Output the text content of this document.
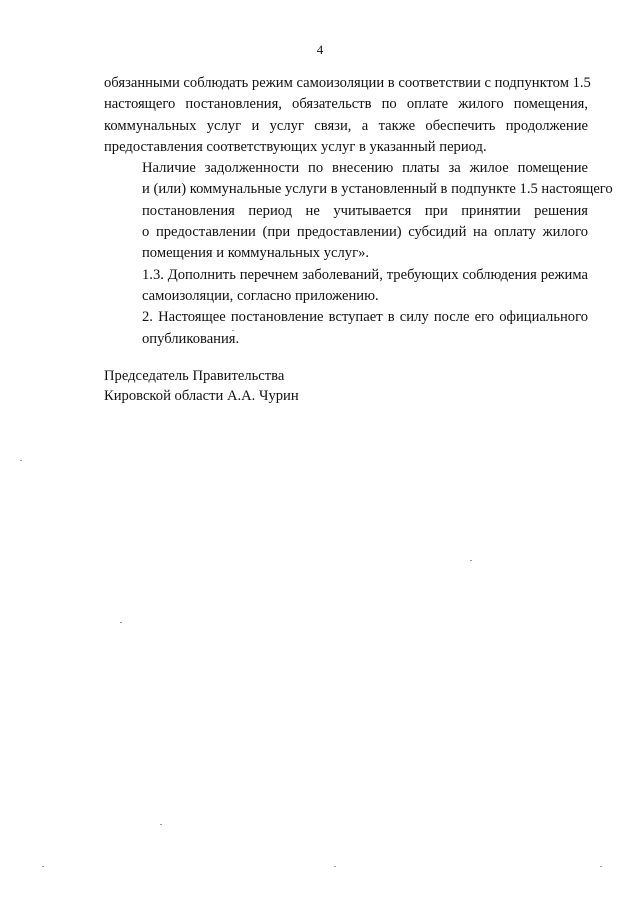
4

обязанными соблюдать режим самоизоляции в соответствии с подпунктом 1.5
настоящего постановления, обязательств по оплате жилого помещения,
коммунальных услуг и услуг связи, а также обеспечить продолжение
предоставления соответствующих услуг в указанный период.

Наличие задолженности по внесению платы за жилое помещение
и (или) коммунальные услуги в установленный в подпункте 1.5 настоящего
постановления период не учитывается при принятии решения
о предоставлении (при предоставлении) субсидий на оплату жилого
помещения и коммунальных услуг».

1.3. Дополнить перечнем заболеваний, требующих соблюдения режима
самоизоляции, согласно приложению.

2. Настоящее постановление вступает в силу после его официального
опубликования.

Председатель Правительства
Кировской области А.А. Чурин
